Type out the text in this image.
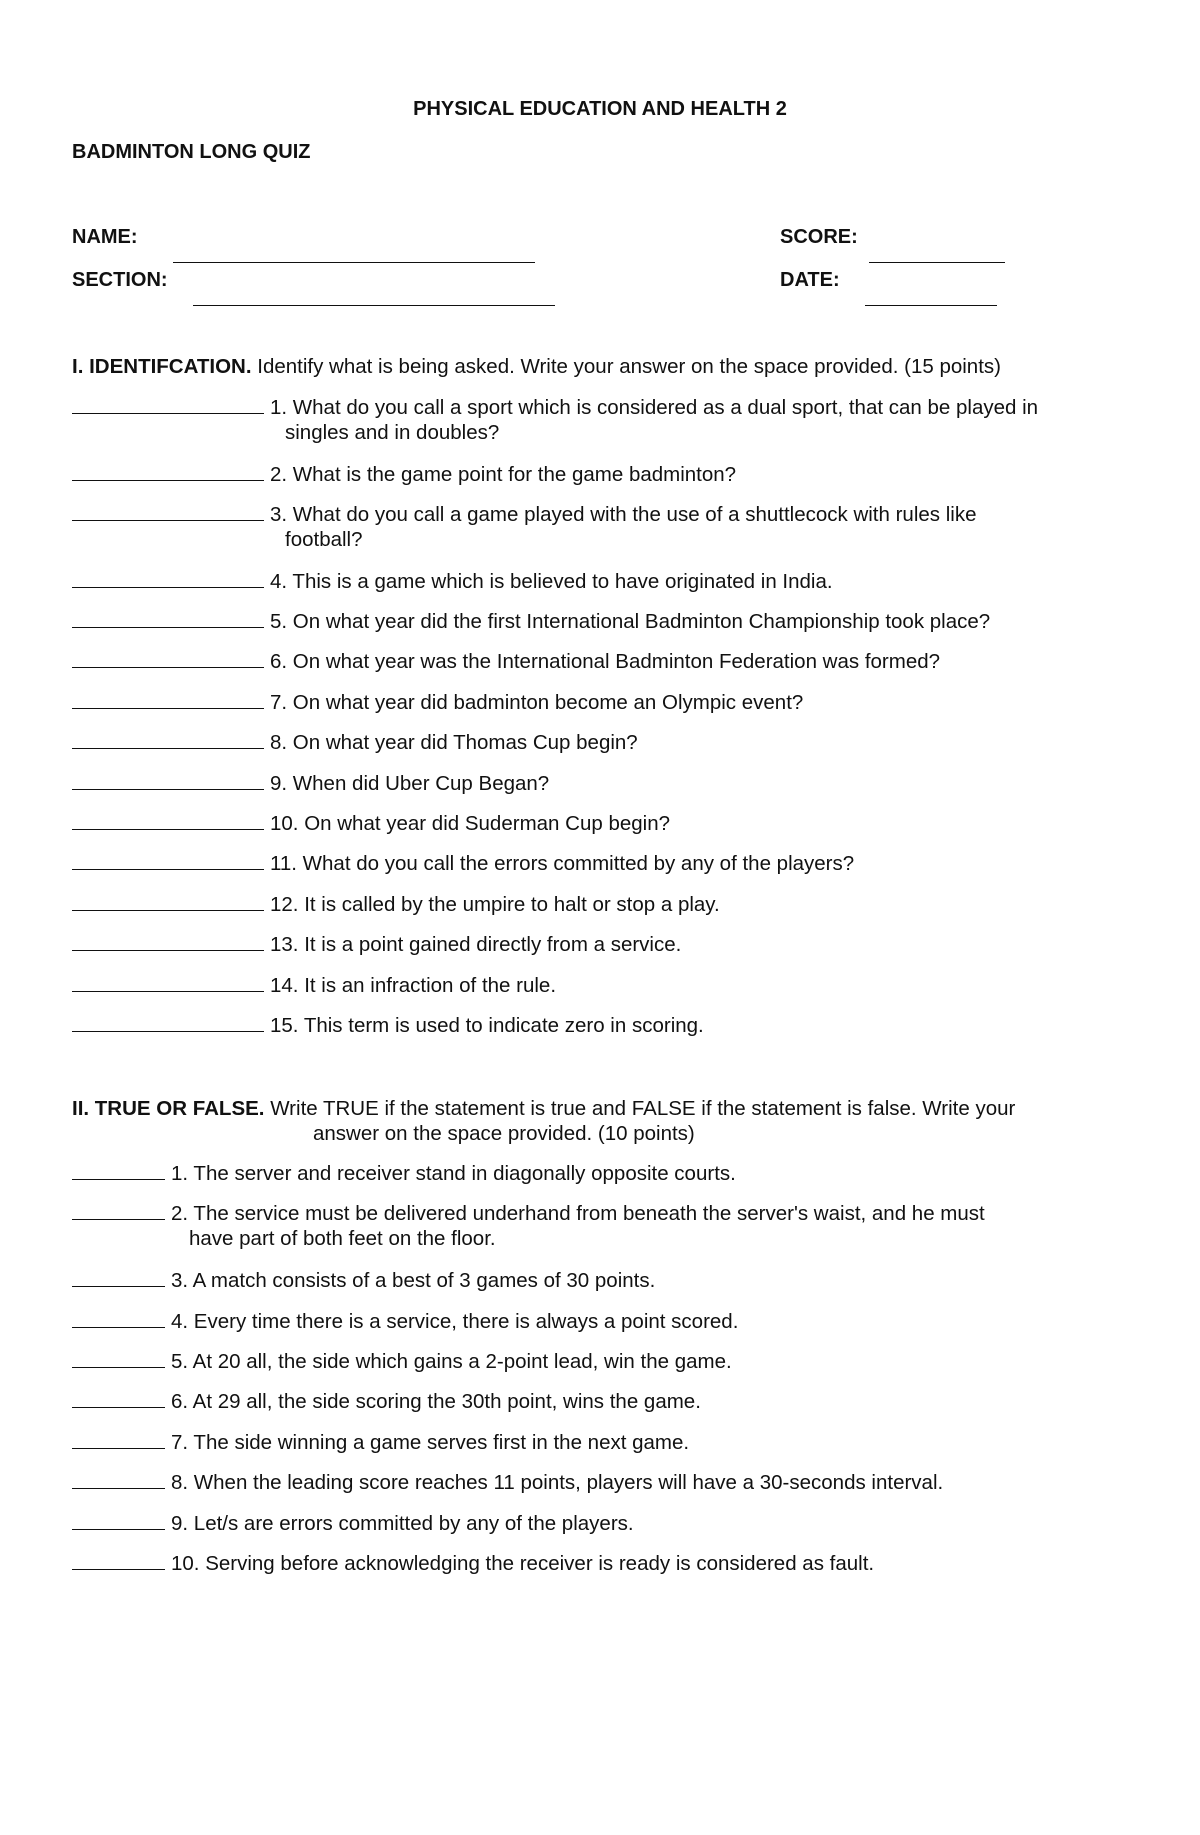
PHYSICAL EDUCATION AND HEALTH 2
BADMINTON LONG QUIZ
NAME:	SCORE:
SECTION:	DATE:
I. IDENTIFCATION. Identify what is being asked. Write your answer on the space provided. (15 points)
1. What do you call a sport which is considered as a dual sport, that can be played in
singles and in doubles?
2. What is the game point for the game badminton?
3. What do you call a game played with the use of a shuttlecock with rules like
football?
4. This is a game which is believed to have originated in India.
5. On what year did the first International Badminton Championship took place?
6. On what year was the International Badminton Federation was formed?
7. On what year did badminton become an Olympic event?
8. On what year did Thomas Cup begin?
9. When did Uber Cup Began?
10. On what year did Suderman Cup begin?
11. What do you call the errors committed by any of the players?
12. It is called by the umpire to halt or stop a play.
13. It is a point gained directly from a service.
14. It is an infraction of the rule.
15. This term is used to indicate zero in scoring.
II. TRUE OR FALSE. Write TRUE if the statement is true and FALSE if the statement is false. Write your
answer on the space provided. (10 points)
1. The server and receiver stand in diagonally opposite courts.
2. The service must be delivered underhand from beneath the server's waist, and he must
have part of both feet on the floor.
3. A match consists of a best of 3 games of 30 points.
4. Every time there is a service, there is always a point scored.
5. At 20 all, the side which gains a 2-point lead, win the game.
6. At 29 all, the side scoring the 30th point, wins the game.
7. The side winning a game serves first in the next game.
8. When the leading score reaches 11 points, players will have a 30-seconds interval.
9. Let/s are errors committed by any of the players.
10. Serving before acknowledging the receiver is ready is considered as fault.
